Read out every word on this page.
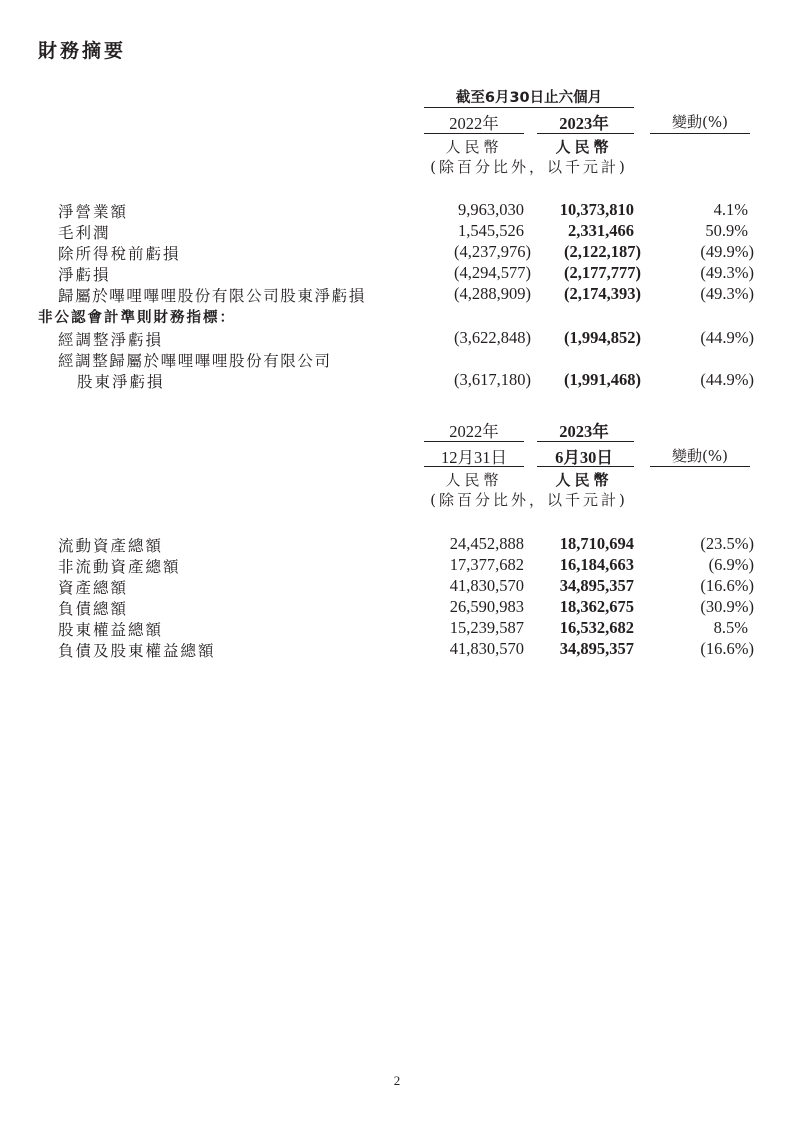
財務摘要
截至6月30日止六個月
2022年	2023年	變動(%)
人民幣	人民幣
(除百分比外，以千元計)
淨營業額	9,963,030	10,373,810	4.1%
毛利潤	1,545,526	2,331,466	50.9%
除所得稅前虧損	(4,237,976)	(2,122,187)	(49.9%)
淨虧損	(4,294,577)	(2,177,777)	(49.3%)
歸屬於嗶哩嗶哩股份有限公司股東淨虧損	(4,288,909)	(2,174,393)	(49.3%)
非公認會計準則財務指標：
經調整淨虧損	(3,622,848)	(1,994,852)	(44.9%)
經調整歸屬於嗶哩嗶哩股份有限公司
股東淨虧損	(3,617,180)	(1,991,468)	(44.9%)
2022年	2023年
12月31日	6月30日	變動(%)
人民幣	人民幣
(除百分比外，以千元計)
流動資產總額	24,452,888	18,710,694	(23.5%)
非流動資產總額	17,377,682	16,184,663	(6.9%)
資產總額	41,830,570	34,895,357	(16.6%)
負債總額	26,590,983	18,362,675	(30.9%)
股東權益總額	15,239,587	16,532,682	8.5%
負債及股東權益總額	41,830,570	34,895,357	(16.6%)
2
